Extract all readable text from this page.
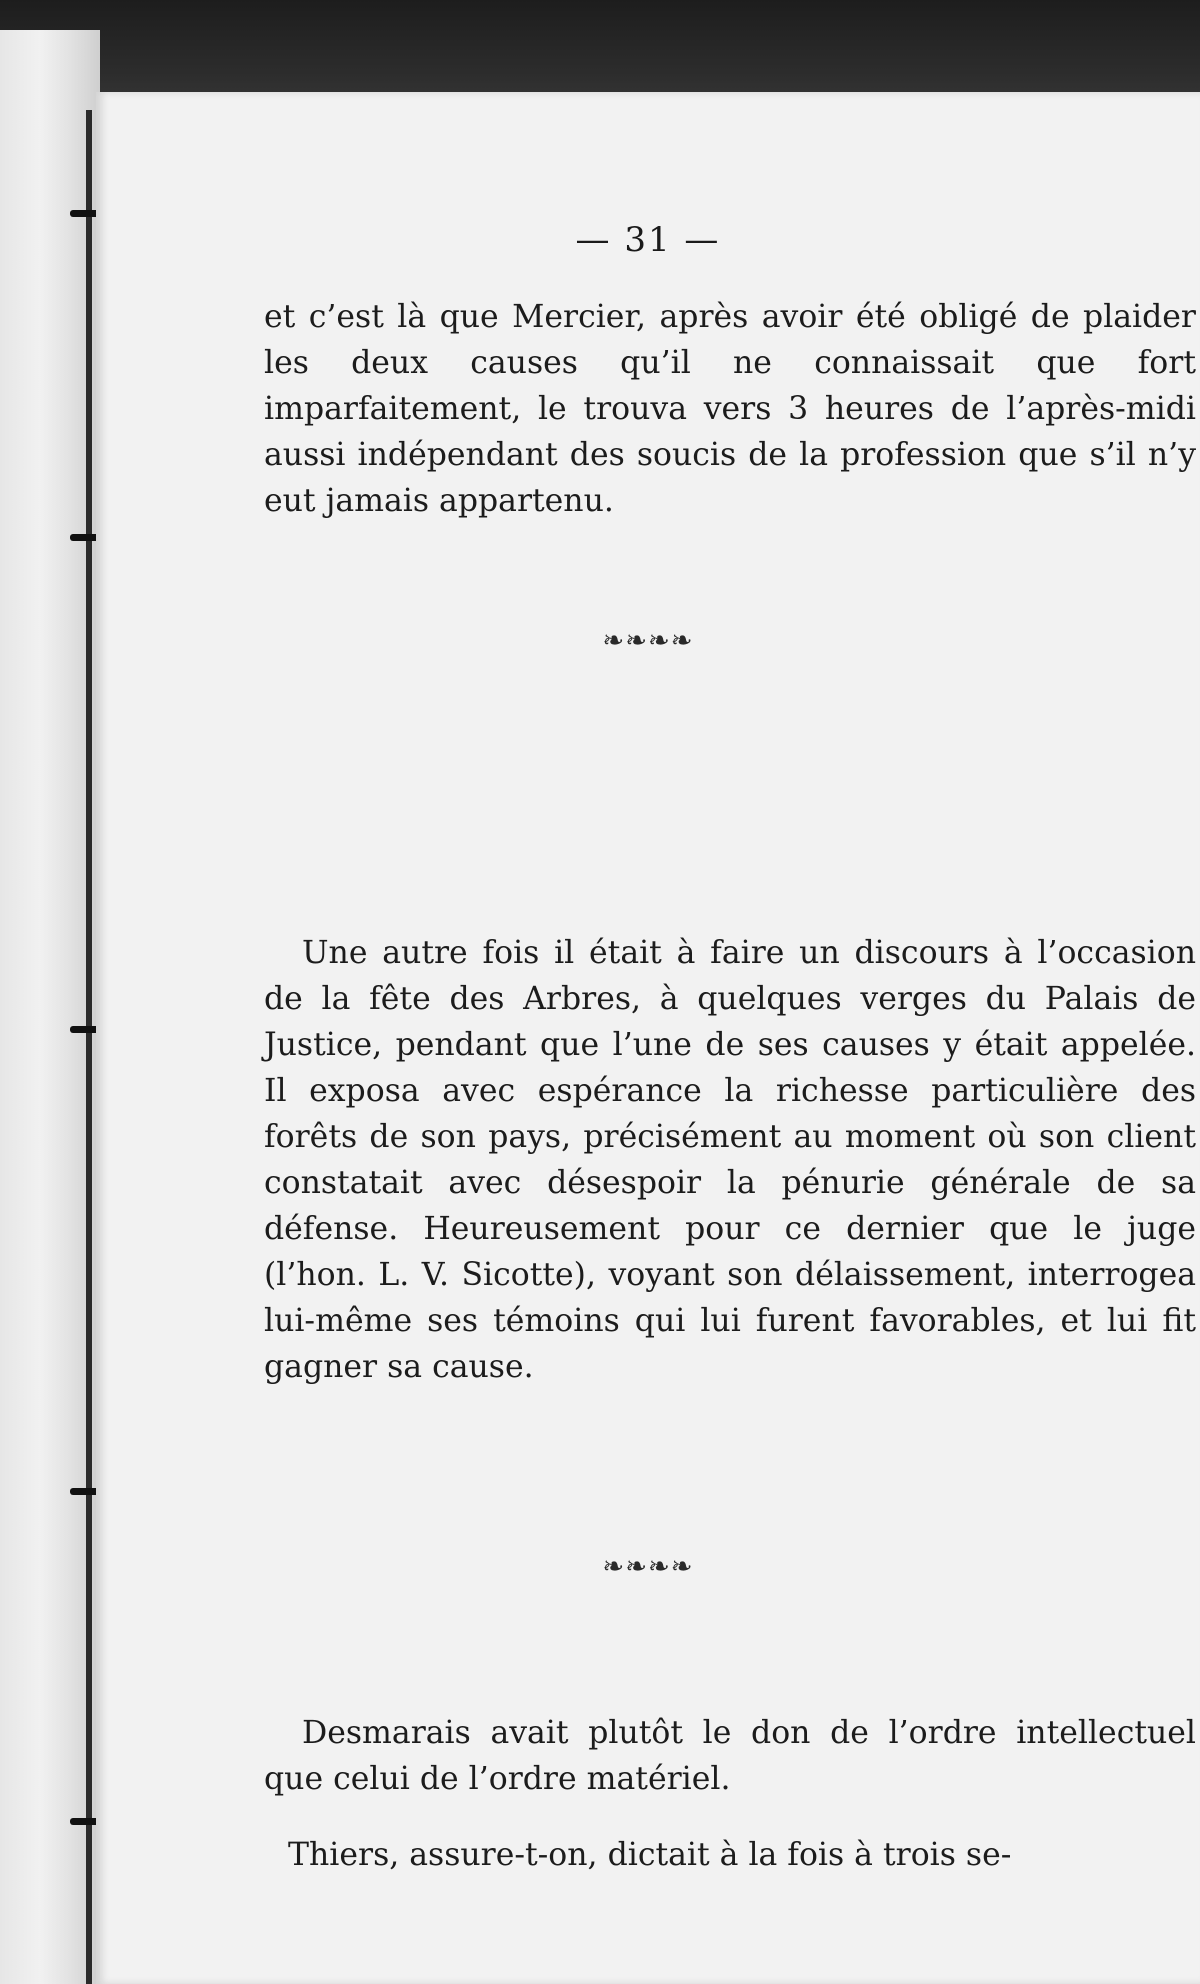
— 31 —

et c’est là que Mercier, après avoir été obligé de plaider les deux causes qu’il ne connaissait que fort imparfaitement, le trouva vers 3 heures de l’après-midi aussi indépendant des soucis de la profession que s’il n’y eut jamais appartenu.

❧❧❧❧

Une autre fois il était à faire un discours à l’occasion de la fête des Arbres, à quelques verges du Palais de Justice, pendant que l’une de ses causes y était appelée. Il exposa avec espérance la richesse particulière des forêts de son pays, précisément au moment où son client constatait avec désespoir la pénurie générale de sa défense. Heureusement pour ce dernier que le juge (l’hon. L. V. Sicotte), voyant son délaissement, interrogea lui-même ses témoins qui lui furent favorables, et lui fit gagner sa cause.

❧❧❧❧

Desmarais avait plutôt le don de l’ordre intellectuel que celui de l’ordre matériel.

Thiers, assure-t-on, dictait à la fois à trois se-
